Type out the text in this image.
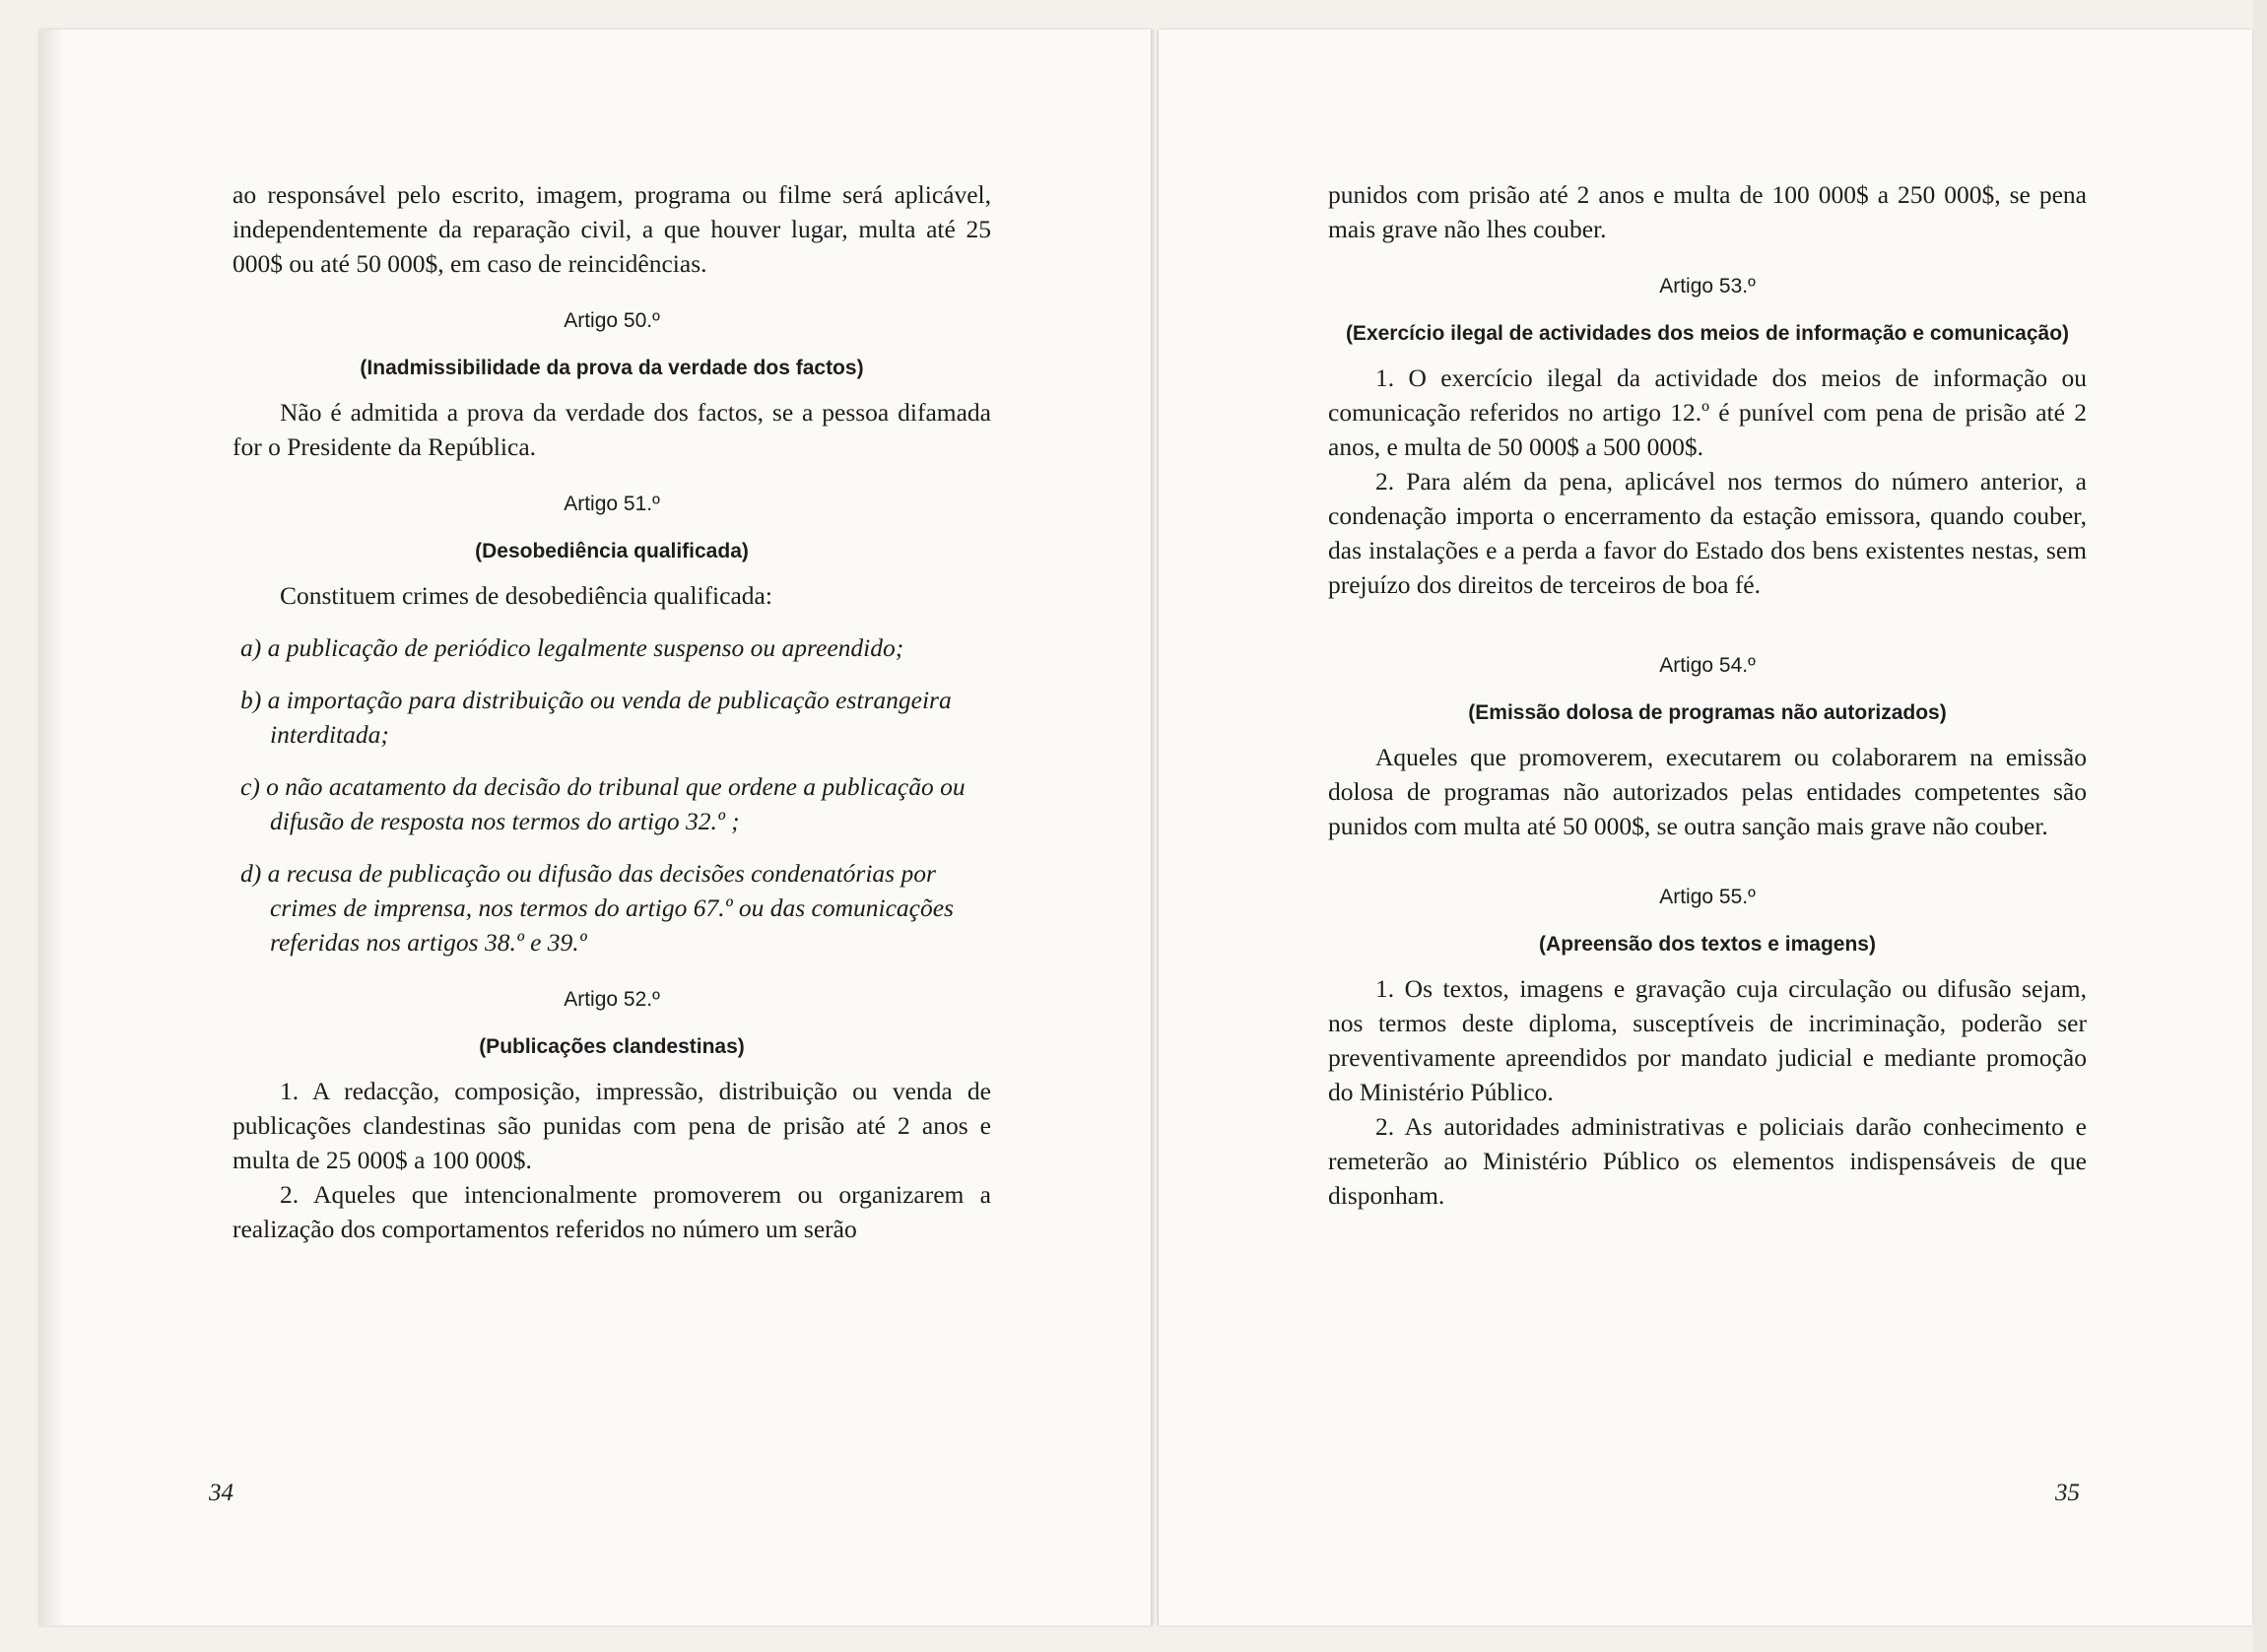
ao responsável pelo escrito, imagem, programa ou filme será aplicável, independentemente da reparação civil, a que houver lugar, multa até 25 000$ ou até 50 000$, em caso de reincidências.

Artigo 50.º
(Inadmissibilidade da prova da verdade dos factos)

Não é admitida a prova da verdade dos factos, se a pessoa difamada for o Presidente da República.

Artigo 51.º
(Desobediência qualificada)

Constituem crimes de desobediência qualificada:

a) a publicação de periódico legalmente suspenso ou apreendido;

b) a importação para distribuição ou venda de publicação estrangeira interditada;

c) o não acatamento da decisão do tribunal que ordene a publicação ou difusão de resposta nos termos do artigo 32.º ;

d) a recusa de publicação ou difusão das decisões condenatórias por crimes de imprensa, nos termos do artigo 67.º ou das comunicações referidas nos artigos 38.º e 39.º

Artigo 52.º
(Publicações clandestinas)

1. A redacção, composição, impressão, distribuição ou venda de publicações clandestinas são punidas com pena de prisão até 2 anos e multa de 25 000$ a 100 000$.

2. Aqueles que intencionalmente promoverem ou organizarem a realização dos comportamentos referidos no número um serão

34

punidos com prisão até 2 anos e multa de 100 000$ a 250 000$, se pena mais grave não lhes couber.

Artigo 53.º
(Exercício ilegal de actividades dos meios de informação e comunicação)

1. O exercício ilegal da actividade dos meios de informação ou comunicação referidos no artigo 12.º é punível com pena de prisão até 2 anos, e multa de 50 000$ a 500 000$.

2. Para além da pena, aplicável nos termos do número anterior, a condenação importa o encerramento da estação emissora, quando couber, das instalações e a perda a favor do Estado dos bens existentes nestas, sem prejuízo dos direitos de terceiros de boa fé.

Artigo 54.º
(Emissão dolosa de programas não autorizados)

Aqueles que promoverem, executarem ou colaborarem na emissão dolosa de programas não autorizados pelas entidades competentes são punidos com multa até 50 000$, se outra sanção mais grave não couber.

Artigo 55.º
(Apreensão dos textos e imagens)

1. Os textos, imagens e gravação cuja circulação ou difusão sejam, nos termos deste diploma, susceptíveis de incriminação, poderão ser preventivamente apreendidos por mandato judicial e mediante promoção do Ministério Público.

2. As autoridades administrativas e policiais darão conhecimento e remeterão ao Ministério Público os elementos indispensáveis de que disponham.

35
